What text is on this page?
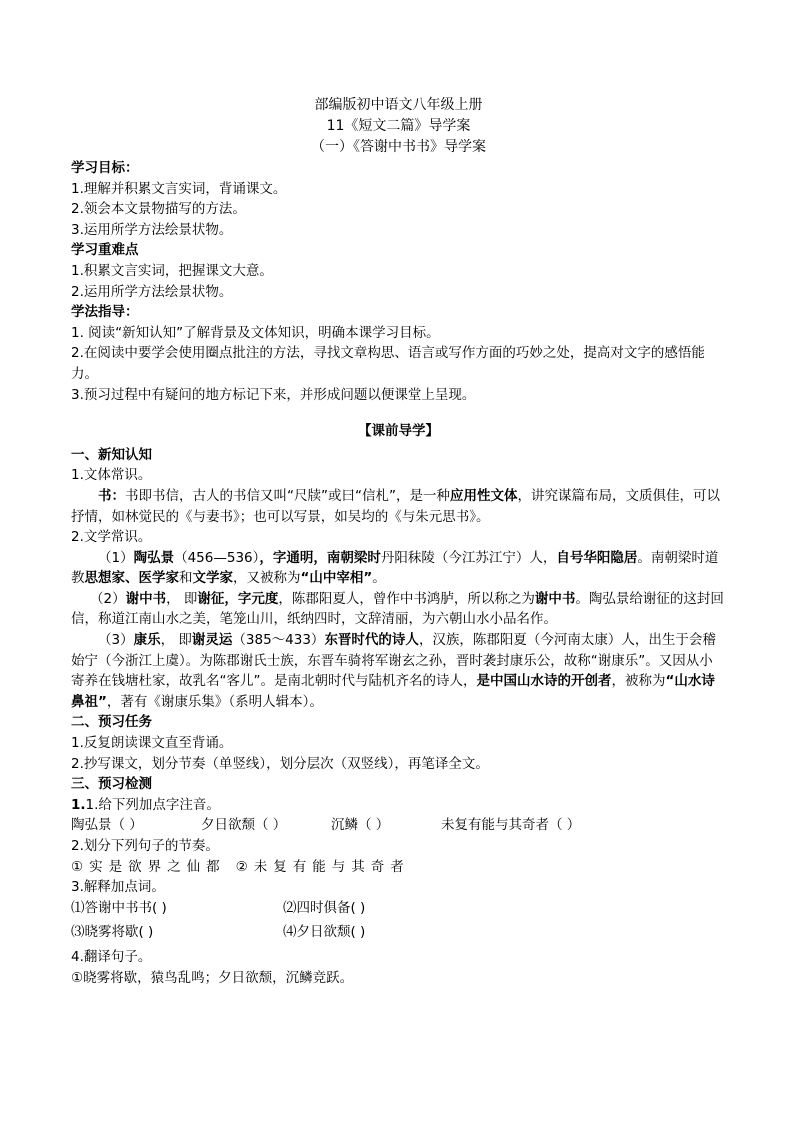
部编版初中语文八年级上册
11《短文二篇》导学案
（一）《答谢中书书》导学案
学习目标：
1.理解并积累文言实词，背诵课文。
2.领会本文景物描写的方法。
3.运用所学方法绘景状物。
学习重难点
1.积累文言实词，把握课文大意。
2.运用所学方法绘景状物。
学法指导：
1. 阅读“新知认知”了解背景及文体知识，明确本课学习目标。
2.在阅读中要学会使用圈点批注的方法，寻找文章构思、语言或写作方面的巧妙之处，提高对文字的感悟能力。
3.预习过程中有疑问的地方标记下来，并形成问题以便课堂上呈现。
【课前导学】
一、新知认知
1.文体常识。
书：书即书信，古人的书信又叫“尺牍”或曰“信札”，是一种应用性文体，讲究谋篇布局，文质俱佳，可以抒情，如林觉民的《与妻书》；也可以写景，如吴均的《与朱元思书》。
2.文学常识。
（1）陶弘景（456—536），字通明，南朝梁时丹阳秣陵（今江苏江宁）人，自号华阳隐居。南朝梁时道教思想家、医学家和文学家，又被称为“山中宰相”。
（2）谢中书， 即谢征，字元度，陈郡阳夏人，曾作中书鸿胪，所以称之为谢中书。陶弘景给谢征的这封回信，称道江南山水之美，笔笼山川，纸纳四时，文辞清丽，为六朝山水小品名作。
（3）康乐， 即谢灵运（385～433）东晋时代的诗人，汉族，陈郡阳夏（今河南太康）人，出生于会稽始宁（今浙江上虞）。为陈郡谢氏士族，东晋车骑将军谢玄之孙，晋时袭封康乐公，故称“谢康乐”。又因从小寄养在钱塘杜家，故乳名“客儿”。是南北朝时代与陆机齐名的诗人，是中国山水诗的开创者，被称为“山水诗鼻祖”，著有《谢康乐集》（系明人辑本）。
二、预习任务
1.反复朗读课文直至背诵。
2.抄写课文，划分节奏（单竖线），划分层次（双竖线），再笔译全文。
三、预习检测
1.1.给下列加点字注音。
陶弘景（ ）	夕日欲颓（ ）	沉鳞（ ）	未复有能与其奇者（ ）
2.划分下列句子的节奏。
①实是欲界之仙都 ②未复有能与其奇者
3.解释加点词。
⑴答谢中书书( )	⑵四时俱备( )
⑶晓雾将歇( )	⑷夕日欲颓( )
4.翻译句子。
①晓雾将歇，猿鸟乱鸣；夕日欲颓，沉鳞竞跃。
